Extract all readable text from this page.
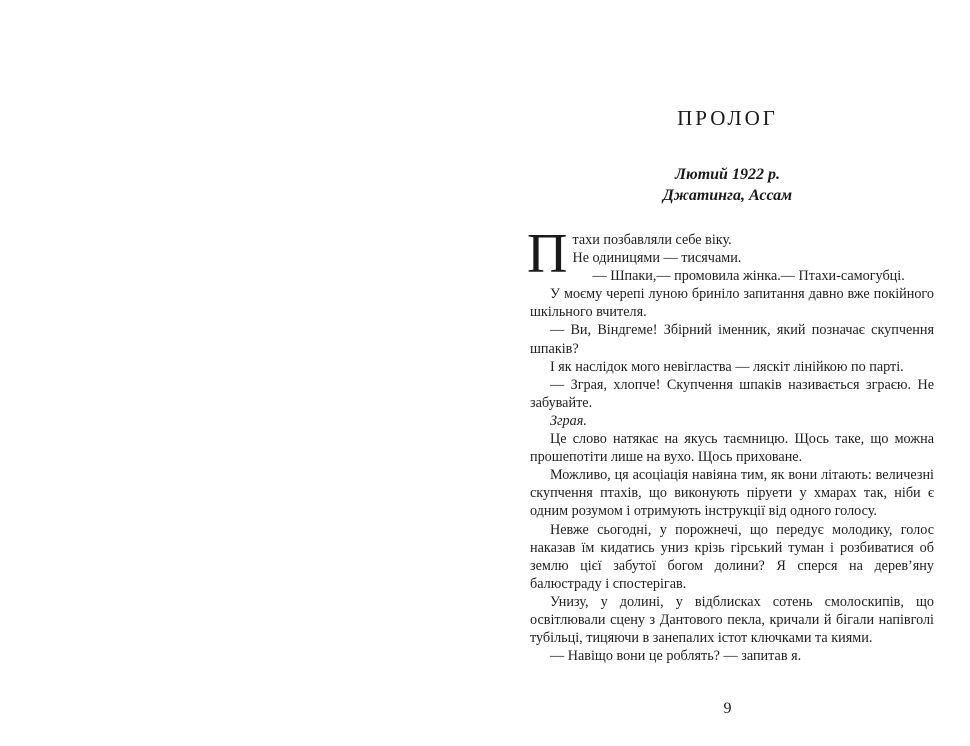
ПРОЛОГ
Лютий 1922 р.
Джатинга, Ассам

П тахи позбавляли себе віку.
Не одиницями — тисячами.

— Шпаки,— промовила жінка.— Птахи-самогубці.

У моєму черепі луною бриніло запитання давно вже покійного шкільного вчителя.

— Ви, Віндгеме! Збірний іменник, який позначає скупчення шпаків?

І як наслідок мого невігластва — ляскіт лінійкою по парті.

— Зграя, хлопче! Скупчення шпаків називається зграєю. Не забувайте.

Зграя.

Це слово натякає на якусь таємницю. Щось таке, що можна прошепотіти лише на вухо. Щось приховане.

Можливо, ця асоціація навіяна тим, як вони літають: величезні скупчення птахів, що виконують піруети у хмарах так, ніби є одним розумом і отримують інструкції від одного голосу.

Невже сьогодні, у порожнечі, що передує молодику, голос наказав їм кидатись униз крізь гірський туман і розбиватися об землю цієї забутої богом долини? Я сперся на дерев’яну балюстраду і спостерігав.

Унизу, у долині, у відблисках сотень смолоскипів, що освітлювали сцену з Дантового пекла, кричали й бігали напівголі тубільці, тицяючи в занепалих істот ключками та киями.

— Навіщо вони це роблять? — запитав я.

9
